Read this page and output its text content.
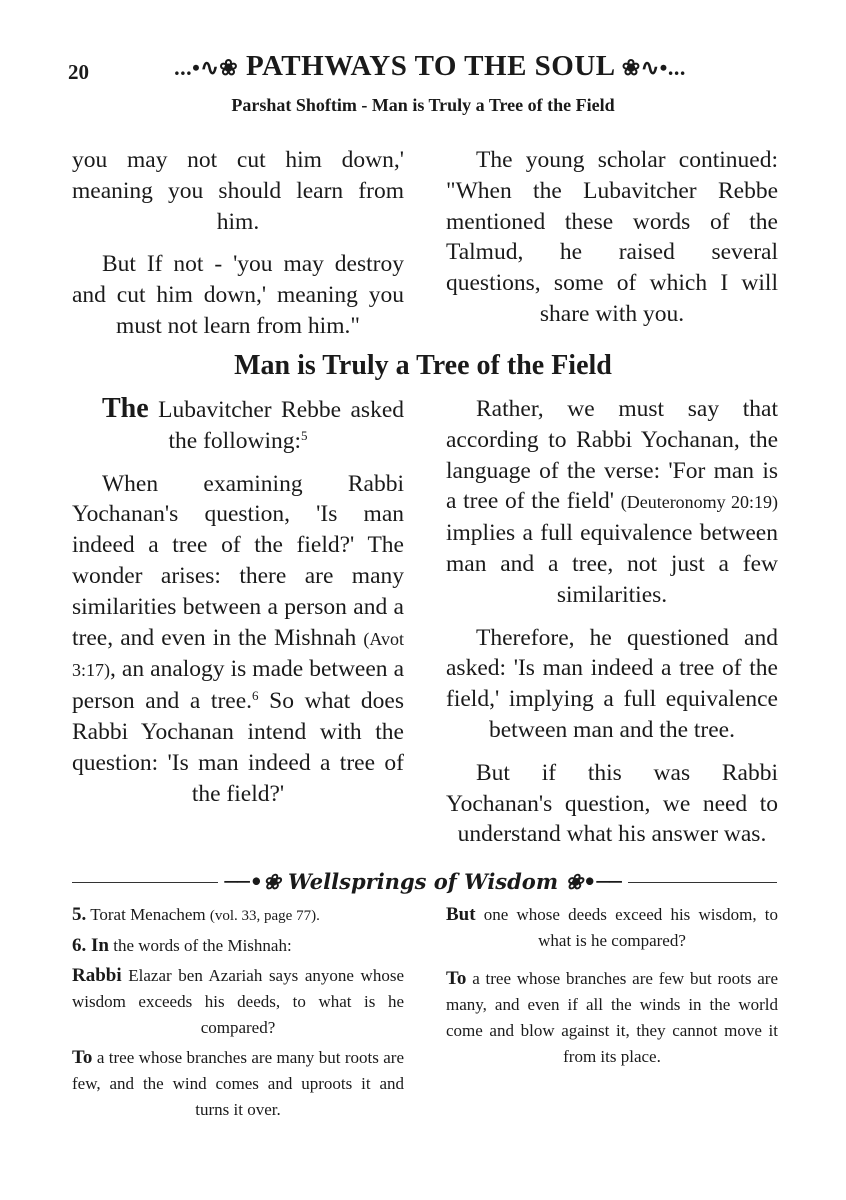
20	...•∿❀ PATHWAYS TO THE SOUL ❀∿•...
Parshat Shoftim - Man is Truly a Tree of the Field

you may not cut him down,' meaning you should learn from him.

But If not - 'you may destroy and cut him down,' meaning you must not learn from him."

The young scholar continued: "When the Lubavitcher Rebbe mentioned these words of the Talmud, he raised several questions, some of which I will share with you.

Man is Truly a Tree of the Field

The Lubavitcher Rebbe asked the following:$^5$

When examining Rabbi Yochanan's question, 'Is man indeed a tree of the field?' The wonder arises: there are many similarities between a person and a tree, and even in the Mishnah (Avot 3:17), an analogy is made between a person and a tree.$^6$ So what does Rabbi Yochanan intend with the question: 'Is man indeed a tree of the field?'

Rather, we must say that according to Rabbi Yochanan, the language of the verse: 'For man is a tree of the field' (Deuteronomy 20:19) implies a full equivalence between man and a tree, not just a few similarities.

Therefore, he questioned and asked: 'Is man indeed a tree of the field,' implying a full equivalence between man and the tree.

But if this was Rabbi Yochanan's question, we need to understand what his answer was.

──•❀ Wellsprings of Wisdom ❀•──

5. Torat Menachem (vol. 33, page 77).

6. In the words of the Mishnah:

Rabbi Elazar ben Azariah says anyone whose wisdom exceeds his deeds, to what is he compared?

To a tree whose branches are many but roots are few, and the wind comes and uproots it and turns it over.

But one whose deeds exceed his wisdom, to what is he compared?

To a tree whose branches are few but roots are many, and even if all the winds in the world come and blow against it, they cannot move it from its place.
